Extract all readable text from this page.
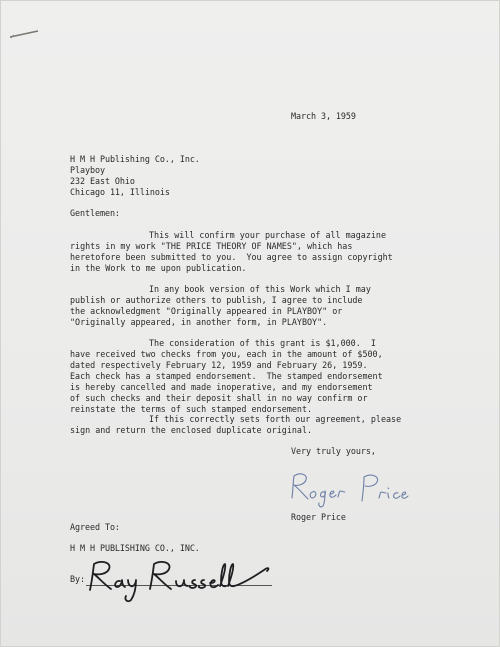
March 3, 1959
H M H Publishing Co., Inc.
Playboy
232 East Ohio
Chicago 11, Illinois
Gentlemen:
This will confirm your purchase of all magazine
rights in my work "THE PRICE THEORY OF NAMES", which has
heretofore been submitted to you.  You agree to assign copyright
in the Work to me upon publication.
In any book version of this Work which I may
publish or authorize others to publish, I agree to include
the acknowledgment "Originally appeared in PLAYBOY" or
"Originally appeared, in another form, in PLAYBOY".
The consideration of this grant is $1,000.  I
have received two checks from you, each in the amount of $500,
dated respectively February 12, 1959 and February 26, 1959.
Each check has a stamped endorsement.  The stamped endorsement
is hereby cancelled and made inoperative, and my endorsement
of such checks and their deposit shall in no way confirm or
reinstate the terms of such stamped endorsement.
If this correctly sets forth our agreement, please
sign and return the enclosed duplicate original.
Very truly yours,
Roger Price
Agreed To:
H M H PUBLISHING CO., INC.
By:
